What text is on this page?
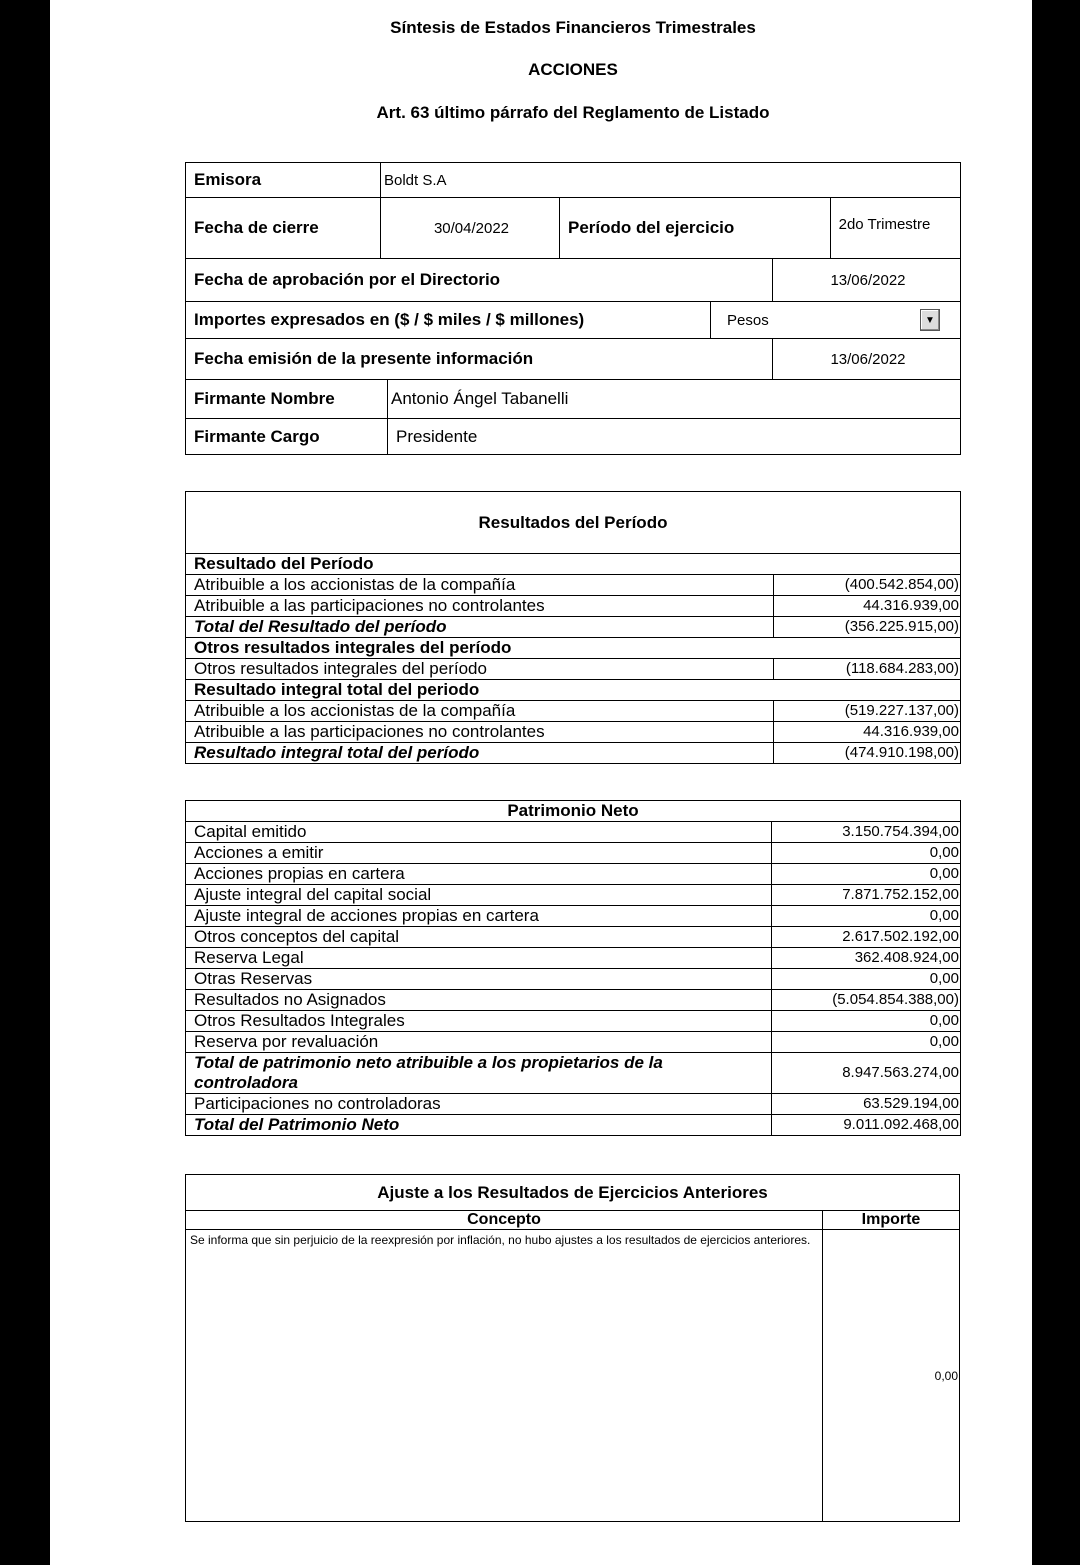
Síntesis de Estados Financieros Trimestrales
ACCIONES
Art. 63 último párrafo del Reglamento de Listado
Emisora	Boldt S.A		
Fecha de cierre	30/04/2022	Período del ejercicio	2do Trimestre
Fecha de aprobación por el Directorio	13/06/2022
Importes expresados en ($ / $ miles / $ millones)	Pesos	▼
Fecha emisión de la presente información	13/06/2022
Firmante Nombre	Antonio Ángel Tabanelli
Firmante Cargo	Presidente
Resultados del Período	
Resultado del Período	
Atribuible a los accionistas de la compañía	(400.542.854,00)
Atribuible a las participaciones no controlantes	44.316.939,00
Total del Resultado del período	(356.225.915,00)
Otros resultados integrales del período	
Otros resultados integrales del período	(118.684.283,00)
Resultado integral total del periodo	
Atribuible a los accionistas de la compañía	(519.227.137,00)
Atribuible a las participaciones no controlantes	44.316.939,00
Resultado integral total del período	(474.910.198,00)
Patrimonio Neto	
Capital emitido	3.150.754.394,00
Acciones a emitir	0,00
Acciones propias en cartera	0,00
Ajuste integral del capital social	7.871.752.152,00
Ajuste integral de acciones propias en cartera	0,00
Otros conceptos del capital	2.617.502.192,00
Reserva Legal	362.408.924,00
Otras Reservas	0,00
Resultados no Asignados	(5.054.854.388,00)
Otros Resultados Integrales	0,00
Reserva por revaluación	0,00
Total de patrimonio neto atribuible a los propietarios de la controladora	8.947.563.274,00
Participaciones no controladoras	63.529.194,00
Total del Patrimonio Neto	9.011.092.468,00
Ajuste a los Resultados de Ejercicios Anteriores	
Concepto	Importe
Se informa que sin perjuicio de la reexpresión por inflación, no hubo ajustes a los resultados de ejercicios anteriores.	0,00
